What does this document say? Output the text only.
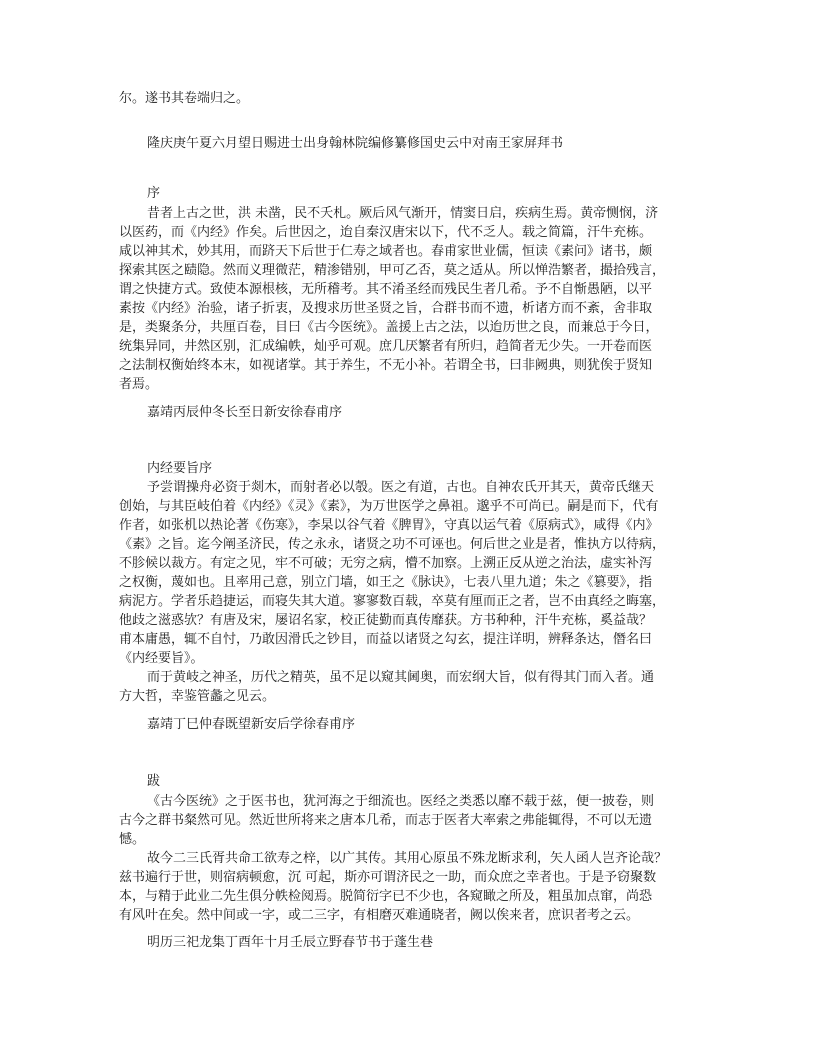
尔。遂书其卷端归之。
隆庆庚午夏六月望日赐进士出身翰林院编修纂修国史云中对南王家屏拜书
序
昔者上古之世，洪 未凿，民不夭札。厥后风气渐开，情窦日启，疾病生焉。黄帝恻悯，济
以医药，而《内经》作矣。后世因之，迨自秦汉唐宋以下，代不乏人。载之简篇，汗牛充栋。
咸以神其术，妙其用，而跻天下后世于仁寿之域者也。春甫家世业儒，恒读《素问》诸书，颇
探索其医之赜隐。然而义理微茫，精渗错别，甲可乙否，莫之适从。所以惮浩繁者，撮拾残言，
谓之快捷方式。致使本源根核，无所稽考。其不淆圣经而残民生者几希。予不自惭愚陋，以平
素按《内经》治验，诸子折衷，及搜求历世圣贤之旨，合群书而不遗，析诸方而不紊，舍非取
是，类聚条分，共厘百卷，目曰《古今医统》。盖援上古之法，以迨历世之良，而兼总于今日，
统集异同，井然区别，汇成编帙，灿乎可观。庶几厌繁者有所归，趋简者无少失。一开卷而医
之法制权衡始终本末，如视诸掌。其于养生，不无小补。若谓全书，曰非阙典，则犹俟于贤知
者焉。
嘉靖丙辰仲冬长至日新安徐春甫序
内经要旨序
予尝谓操舟必资于剡木，而射者必以彀。医之有道，古也。自神农氏开其天，黄帝氏继天
创始，与其臣岐伯着《内经》《灵》《素》，为万世医学之鼻祖。邈乎不可尚已。嗣是而下，代有
作者，如张机以热论著《伤寒》，李杲以谷气着《脾胃》，守真以运气着《原病式》，咸得《内》
《素》之旨。迄今阐圣济民，传之永永，诸贤之功不可诬也。何后世之业是者，惟执方以待病，
不胗候以裁方。有定之见，牢不可破；无穷之病，懵不加察。上溯正反从逆之治法，虚实补泻
之权衡，蔑如也。且率用己意，别立门墙，如王之《脉诀》，七表八里九道；朱之《篡要》，指
病泥方。学者乐趋捷运，而寝失其大道。寥寥数百载，卒莫有厘而正之者，岂不由真经之晦塞，
他歧之滋惑欤？有唐及宋，屡诏名家，校正徒勤而真传靡获。方书种种，汗牛充栋，奚益哉？
甫本庸愚，辄不自忖，乃敢因滑氏之钞目，而益以诸贤之勾玄，提注详明，辨释条达，僭名曰
《内经要旨》。
而于黄岐之神圣，历代之精英，虽不足以窥其阃奥，而宏纲大旨，似有得其门而入者。通
方大哲，幸鉴管蠡之见云。
嘉靖丁巳仲春既望新安后学徐春甫序
跋
《古今医统》之于医书也，犹河海之于细流也。医经之类悉以靡不载于兹，便一披卷，则
古今之群书粲然可见。然近世所将来之唐本几希，而志于医者大率索之弗能辄得，不可以无遗
憾。
故今二三氏胥共命工欲寿之梓，以广其传。其用心原虽不殊龙断求利，矢人函人岂齐论哉？
兹书遍行于世，则宿病顿愈，沉 可起，斯亦可谓济民之一助，而众庶之幸者也。于是予窃聚数
本，与精于此业二先生俱分帙检阅焉。脱简衍字已不少也，各窥瞰之所及，粗虽加点窜，尚恐
有风叶在矣。然中间或一字，或二三字，有相磨灭难通晓者，阙以俟来者，庶识者考之云。
明历三祀龙集丁酉年十月壬辰立野春节书于蓬生巷
